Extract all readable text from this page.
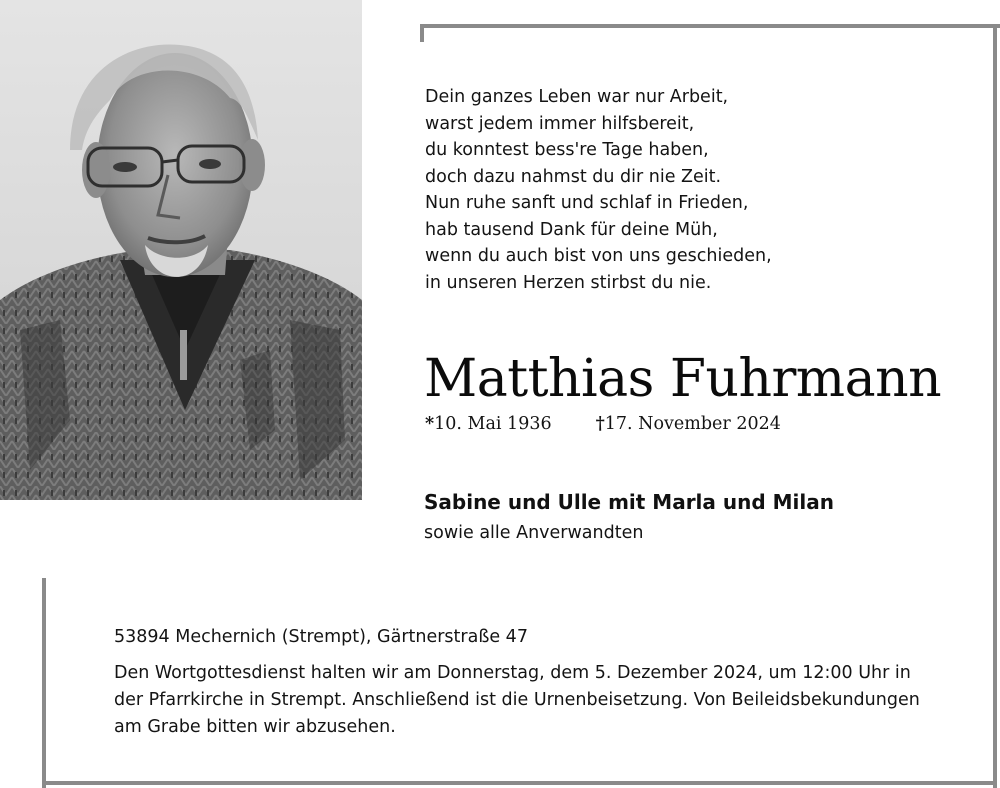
Dein ganzes Leben war nur Arbeit,
warst jedem immer hilfsbereit,
du konntest bess're Tage haben,
doch dazu nahmst du dir nie Zeit.
Nun ruhe sanft und schlaf in Frieden,
hab tausend Dank für deine Müh,
wenn du auch bist von uns geschieden,
in unseren Herzen stirbst du nie.
Matthias Fuhrmann
*10. Mai 1936	†17. November 2024
Sabine und Ulle mit Marla und Milan
sowie alle Anverwandten
53894 Mechernich (Strempt), Gärtnerstraße 47
Den Wortgottesdienst halten wir am Donnerstag, dem 5. Dezember 2024, um 12:00 Uhr in
der Pfarrkirche in Strempt. Anschließend ist die Urnenbeisetzung. Von Beileidsbekundungen
am Grabe bitten wir abzusehen.
